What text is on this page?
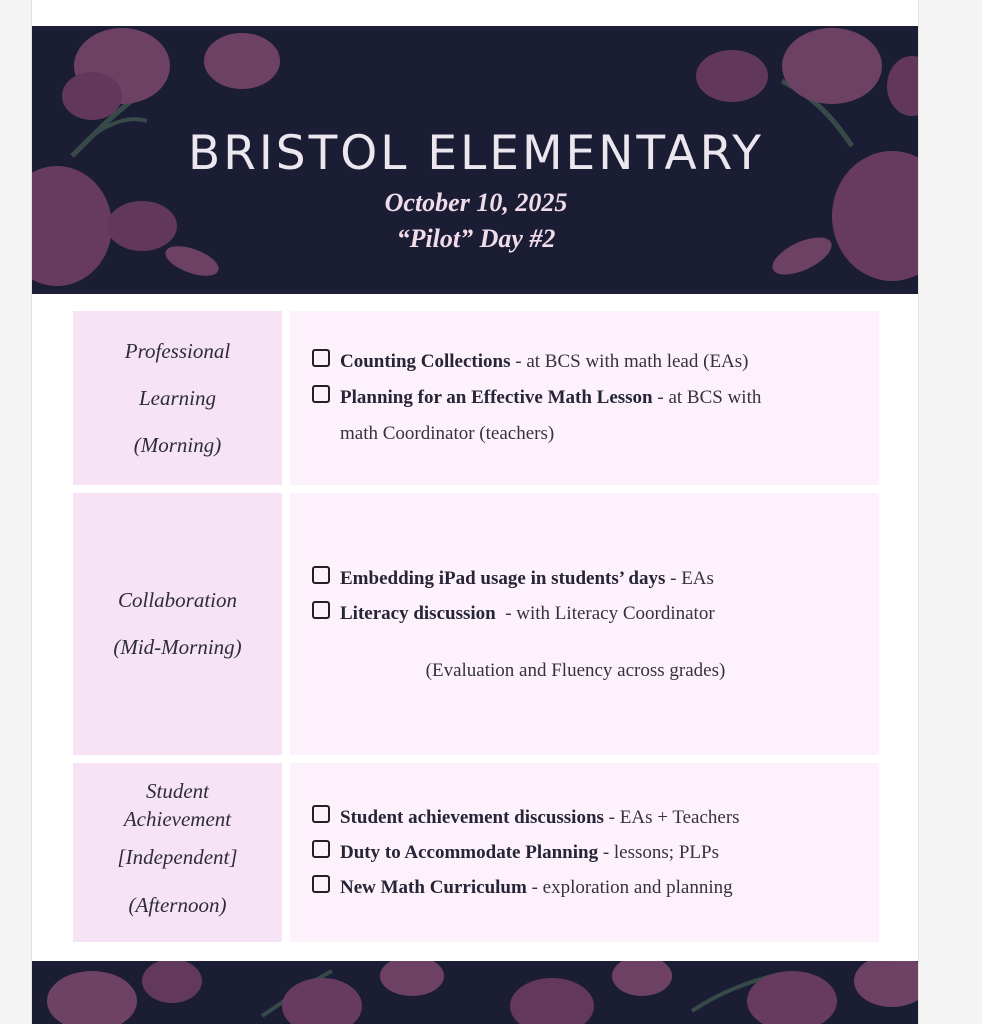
BRISTOL ELEMENTARY
October 10, 2025
“Pilot” Day #2
Professional
Learning
(Morning)
Counting Collections - at BCS with math lead (EAs)
Planning for an Effective Math Lesson - at BCS with
math Coordinator (teachers)
Collaboration
(Mid-Morning)
Embedding iPad usage in students’ days - EAs
Literacy discussion  - with Literacy Coordinator
(Evaluation and Fluency across grades)
Student
Achievement
[Independent]
(Afternoon)
Student achievement discussions - EAs + Teachers
Duty to Accommodate Planning - lessons; PLPs
New Math Curriculum - exploration and planning
